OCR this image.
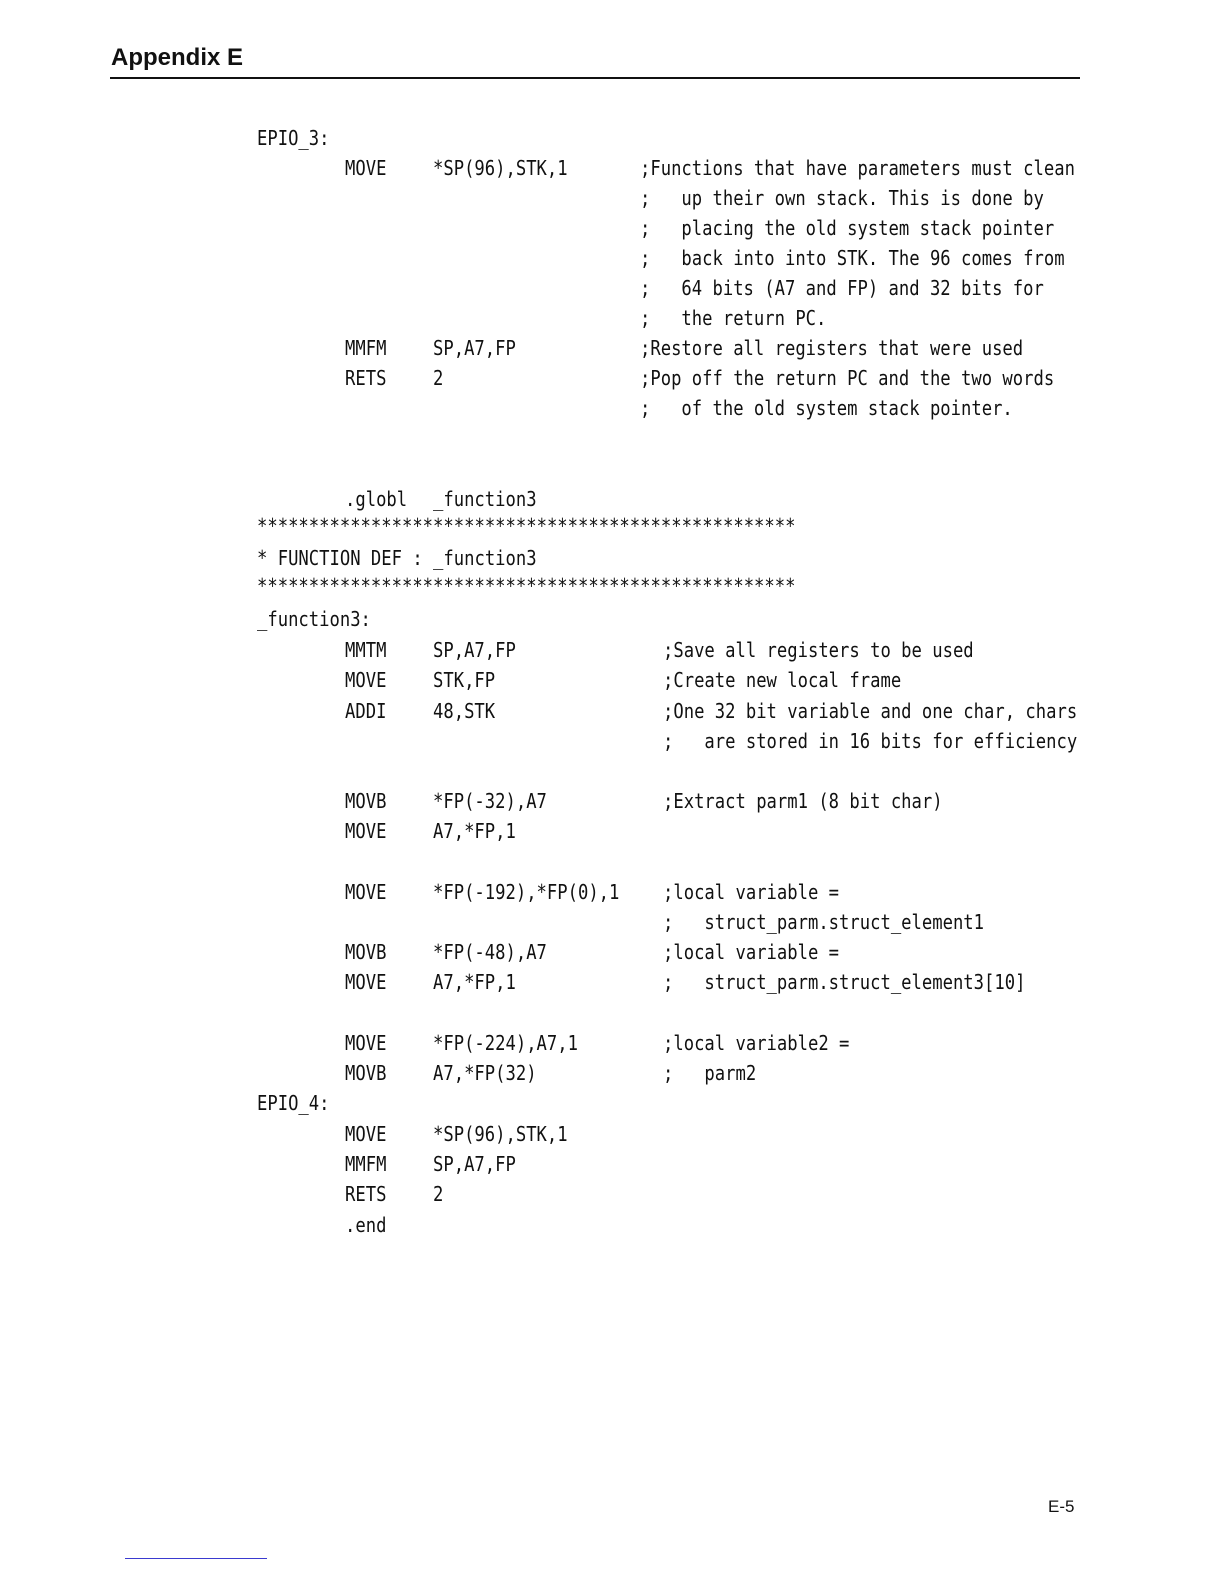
Appendix E
EPIO_3:
MOVE *SP(96),STK,1	;Functions that have parameters must clean
;   up their own stack. This is done by
;   placing the old system stack pointer
;   back into into STK. The 96 comes from
;   64 bits (A7 and FP) and 32 bits for
;   the return PC.
MMFM SP,A7,FP	;Restore all registers that were used
RETS 2	;Pop off the return PC and the two words
;   of the old system stack pointer.
.globl _function3
****************************************************
* FUNCTION DEF : _function3
****************************************************
_function3:
MMTM SP,A7,FP	;Save all registers to be used
MOVE STK,FP	;Create new local frame
ADDI 48,STK	;One 32 bit variable and one char, chars
;   are stored in 16 bits for efficiency
MOVB *FP(-32),A7	;Extract parm1 (8 bit char)
MOVE A7,*FP,1
MOVE *FP(-192),*FP(0),1 ;local variable =
;   struct_parm.struct_element1
MOVB *FP(-48),A7	;local variable =
MOVE A7,*FP,1	;   struct_parm.struct_element3[10]
MOVE *FP(-224),A7,1	;local variable2 =
MOVB A7,*FP(32)	;   parm2
EPIO_4:
MOVE *SP(96),STK,1
MMFM SP,A7,FP
RETS 2
.end
E-5
